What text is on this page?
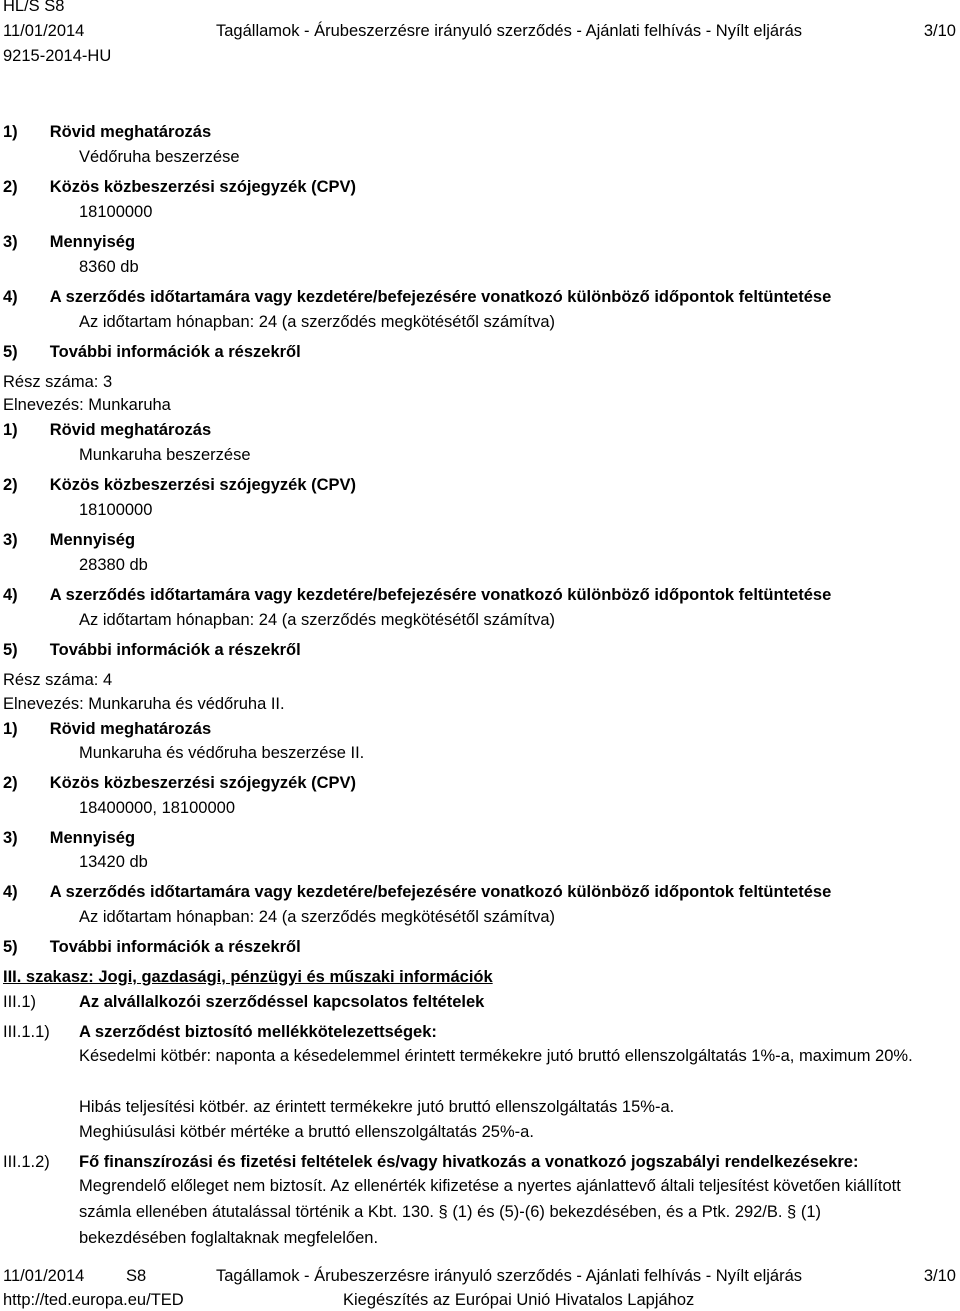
HL/S S8
11/01/2014	Tagállamok - Árubeszerzésre irányuló szerződés - Ajánlati felhívás - Nyílt eljárás	3/10
9215-2014-HU
1)       Rövid meghatározás
Védőruha beszerzése
2)       Közös közbeszerzési szójegyzék (CPV)
18100000
3)       Mennyiség
8360 db
4)       A szerződés időtartamára vagy kezdetére/befejezésére vonatkozó különböző időpontok feltüntetése
Az időtartam hónapban: 24 (a szerződés megkötésétől számítva)
5)       További információk a részekről
Rész száma: 3
Elnevezés: Munkaruha
1)       Rövid meghatározás
Munkaruha beszerzése
2)       Közös közbeszerzési szójegyzék (CPV)
18100000
3)       Mennyiség
28380 db
4)       A szerződés időtartamára vagy kezdetére/befejezésére vonatkozó különböző időpontok feltüntetése
Az időtartam hónapban: 24 (a szerződés megkötésétől számítva)
5)       További információk a részekről
Rész száma: 4
Elnevezés: Munkaruha és védőruha II.
1)       Rövid meghatározás
Munkaruha és védőruha beszerzése II.
2)       Közös közbeszerzési szójegyzék (CPV)
18400000, 18100000
3)       Mennyiség
13420 db
4)       A szerződés időtartamára vagy kezdetére/befejezésére vonatkozó különböző időpontok feltüntetése
Az időtartam hónapban: 24 (a szerződés megkötésétől számítva)
5)       További információk a részekről
III. szakasz: Jogi, gazdasági, pénzügyi és műszaki információk
III.1)	Az alvállalkozói szerződéssel kapcsolatos feltételek
III.1.1) A szerződést biztosító mellékkötelezettségek:
Késedelmi kötbér: naponta a késedelemmel érintett termékekre jutó bruttó ellenszolgáltatás 1%-a, maximum 20%.
Hibás teljesítési kötbér. az érintett termékekre jutó bruttó ellenszolgáltatás 15%-a.
Meghiúsulási kötbér mértéke a bruttó ellenszolgáltatás 25%-a.
III.1.2) Fő finanszírozási és fizetési feltételek és/vagy hivatkozás a vonatkozó jogszabályi rendelkezésekre:
Megrendelő előleget nem biztosít. Az ellenérték kifizetése a nyertes ajánlattevő általi teljesítést követően kiállított számla ellenében átutalással történik a Kbt. 130. § (1) és (5)-(6) bekezdésében, és a Ptk. 292/B. § (1) bekezdésében foglaltaknak megfelelően.
11/01/2014	S8	Tagállamok - Árubeszerzésre irányuló szerződés - Ajánlati felhívás - Nyílt eljárás	3/10
http://ted.europa.eu/TED	Kiegészítés az Európai Unió Hivatalos Lapjához
